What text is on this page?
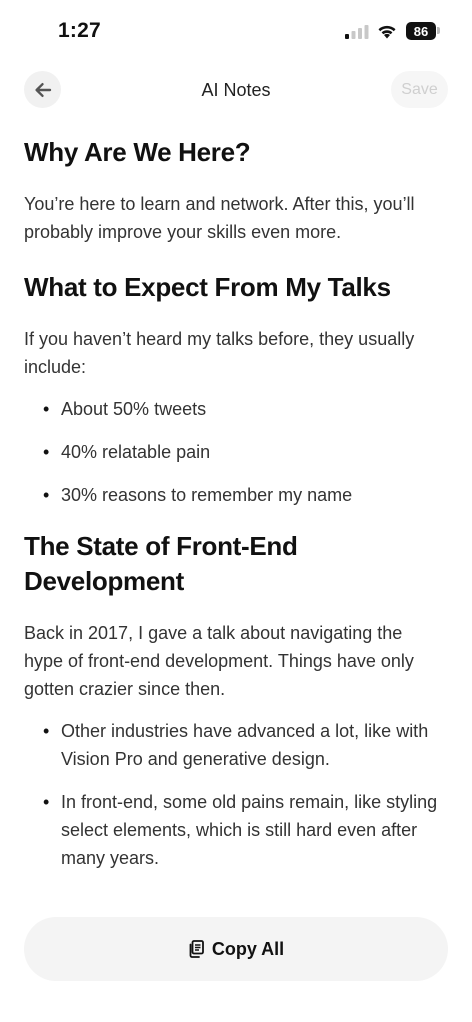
1:27	86
AI Notes	Save
Why Are We Here?

You’re here to learn and network. After this, you’ll probably improve your skills even more.

What to Expect From My Talks

If you haven’t heard my talks before, they usually include:

• About 50% tweets
• 40% relatable pain
• 30% reasons to remember my name
The State of Front-End Development

Back in 2017, I gave a talk about navigating the hype of front-end development. Things have only gotten crazier since then.

• Other industries have advanced a lot, like with Vision Pro and generative design.
• In front-end, some old pains remain, like styling select elements, which is still hard even after many years.
Copy All
